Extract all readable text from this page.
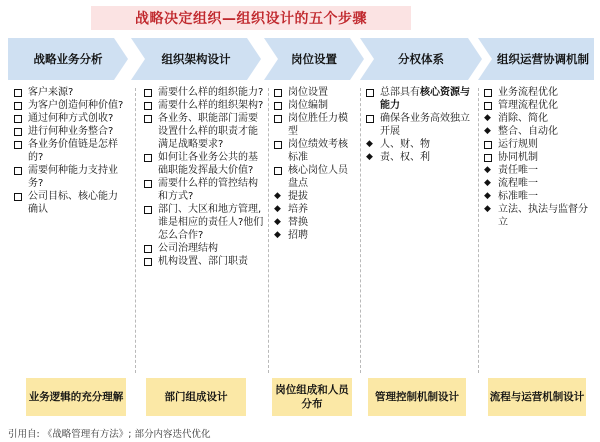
战略决定组织—组织设计的五个步骤
战略业务分析	组织架构设计	岗位设置	分权体系	组织运营协调机制
客户来源?
为客户创造何种价值?
通过何种方式创收?
进行何种业务整合?
各业务价值链是怎样的?
需要何种能力支持业务?
公司目标、核心能力确认
需要什么样的组织能力?
需要什么样的组织架构?
各业务、职能部门需要设置什么样的职责才能满足战略要求?
如何让各业务公共的基础职能发挥最大价值?
需要什么样的管控结构和方式?
部门、大区和地方管理, 谁是相应的责任人?他们怎么合作?
公司治理结构
机构设置、部门职责
岗位设置
岗位编制
岗位胜任力模型
岗位绩效考核标准
核心岗位人员盘点
◆ 提拔
◆ 培养
◆ 替换
◆ 招聘
总部具有核心资源与能力
确保各业务高效独立开展
◆ 人、财、物
◆ 责、权、利
业务流程优化
管理流程优化
◆ 消除、简化
◆ 整合、自动化
运行规则
协同机制
◆ 责任唯一
◆ 流程唯一
◆ 标准唯一
◆ 立法、执法与监督分立
业务逻辑的充分理解	部门组成设计
岗位组成和人员分布
管理控制机制设计	流程与运营机制设计
引用自: 《战略管理有方法》; 部分内容迭代优化
